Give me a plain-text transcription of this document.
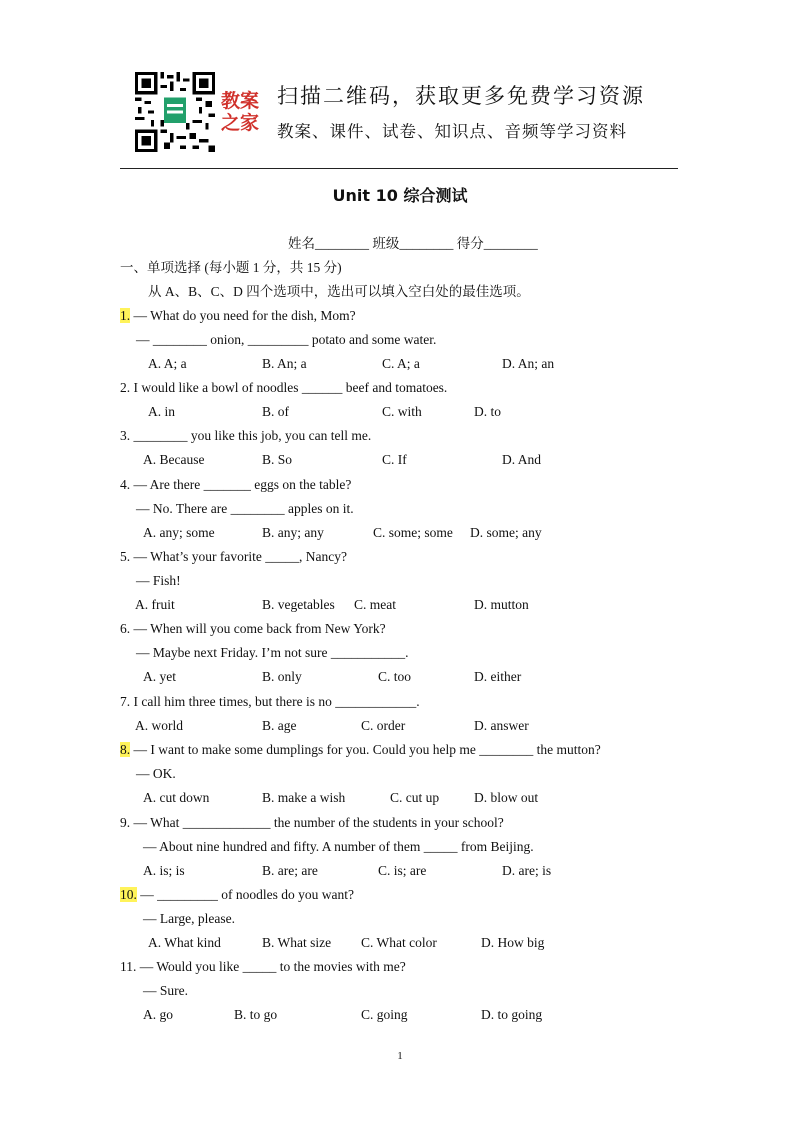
教案之家
扫描二维码，获取更多免费学习资源
教案、课件、试卷、知识点、音频等学习资料
Unit 10 综合测试
姓名________ 班级________ 得分________
一、单项选择 (每小题 1 分，共 15 分)
从 A、B、C、D 四个选项中，选出可以填入空白处的最佳选项。
1. — What do you need for the dish, Mom?
— ________ onion, _________ potato and some water.
A. A; a	B. An; a	C. A; a	D. An; an
2. I would like a bowl of noodles ______ beef and tomatoes.
A. in	B. of	C. with	D. to
3. ________ you like this job, you can tell me.
A. Because	B. So	C. If	D. And
4. — Are there _______ eggs on the table?
— No. There are ________ apples on it.
A. any; some	B. any; any	C. some; some D. some; any
5. — What’s your favorite _____, Nancy?
— Fish!
A. fruit	B. vegetables C. meat	D. mutton
6. — When will you come back from New York?
— Maybe next Friday. I’m not sure ___________.
A. yet	B. only	C. too	D. either
7. I call him three times, but there is no ____________.
A. world	B. age	C. order	D. answer
8. — I want to make some dumplings for you. Could you help me ________ the mutton?
— OK.
A. cut down	B. make a wish	C. cut up	D. blow out
9. — What _____________ the number of the students in your school?
— About nine hundred and fifty. A number of them _____ from Beijing.
A. is; is	B. are; are	C. is; are	D. are; is
10. — _________ of noodles do you want?
— Large, please.
A. What kind	B. What size C. What color	D. How big
11. — Would you like _____ to the movies with me?
— Sure.
A. go	B. to go	C. going	D. to going
1
